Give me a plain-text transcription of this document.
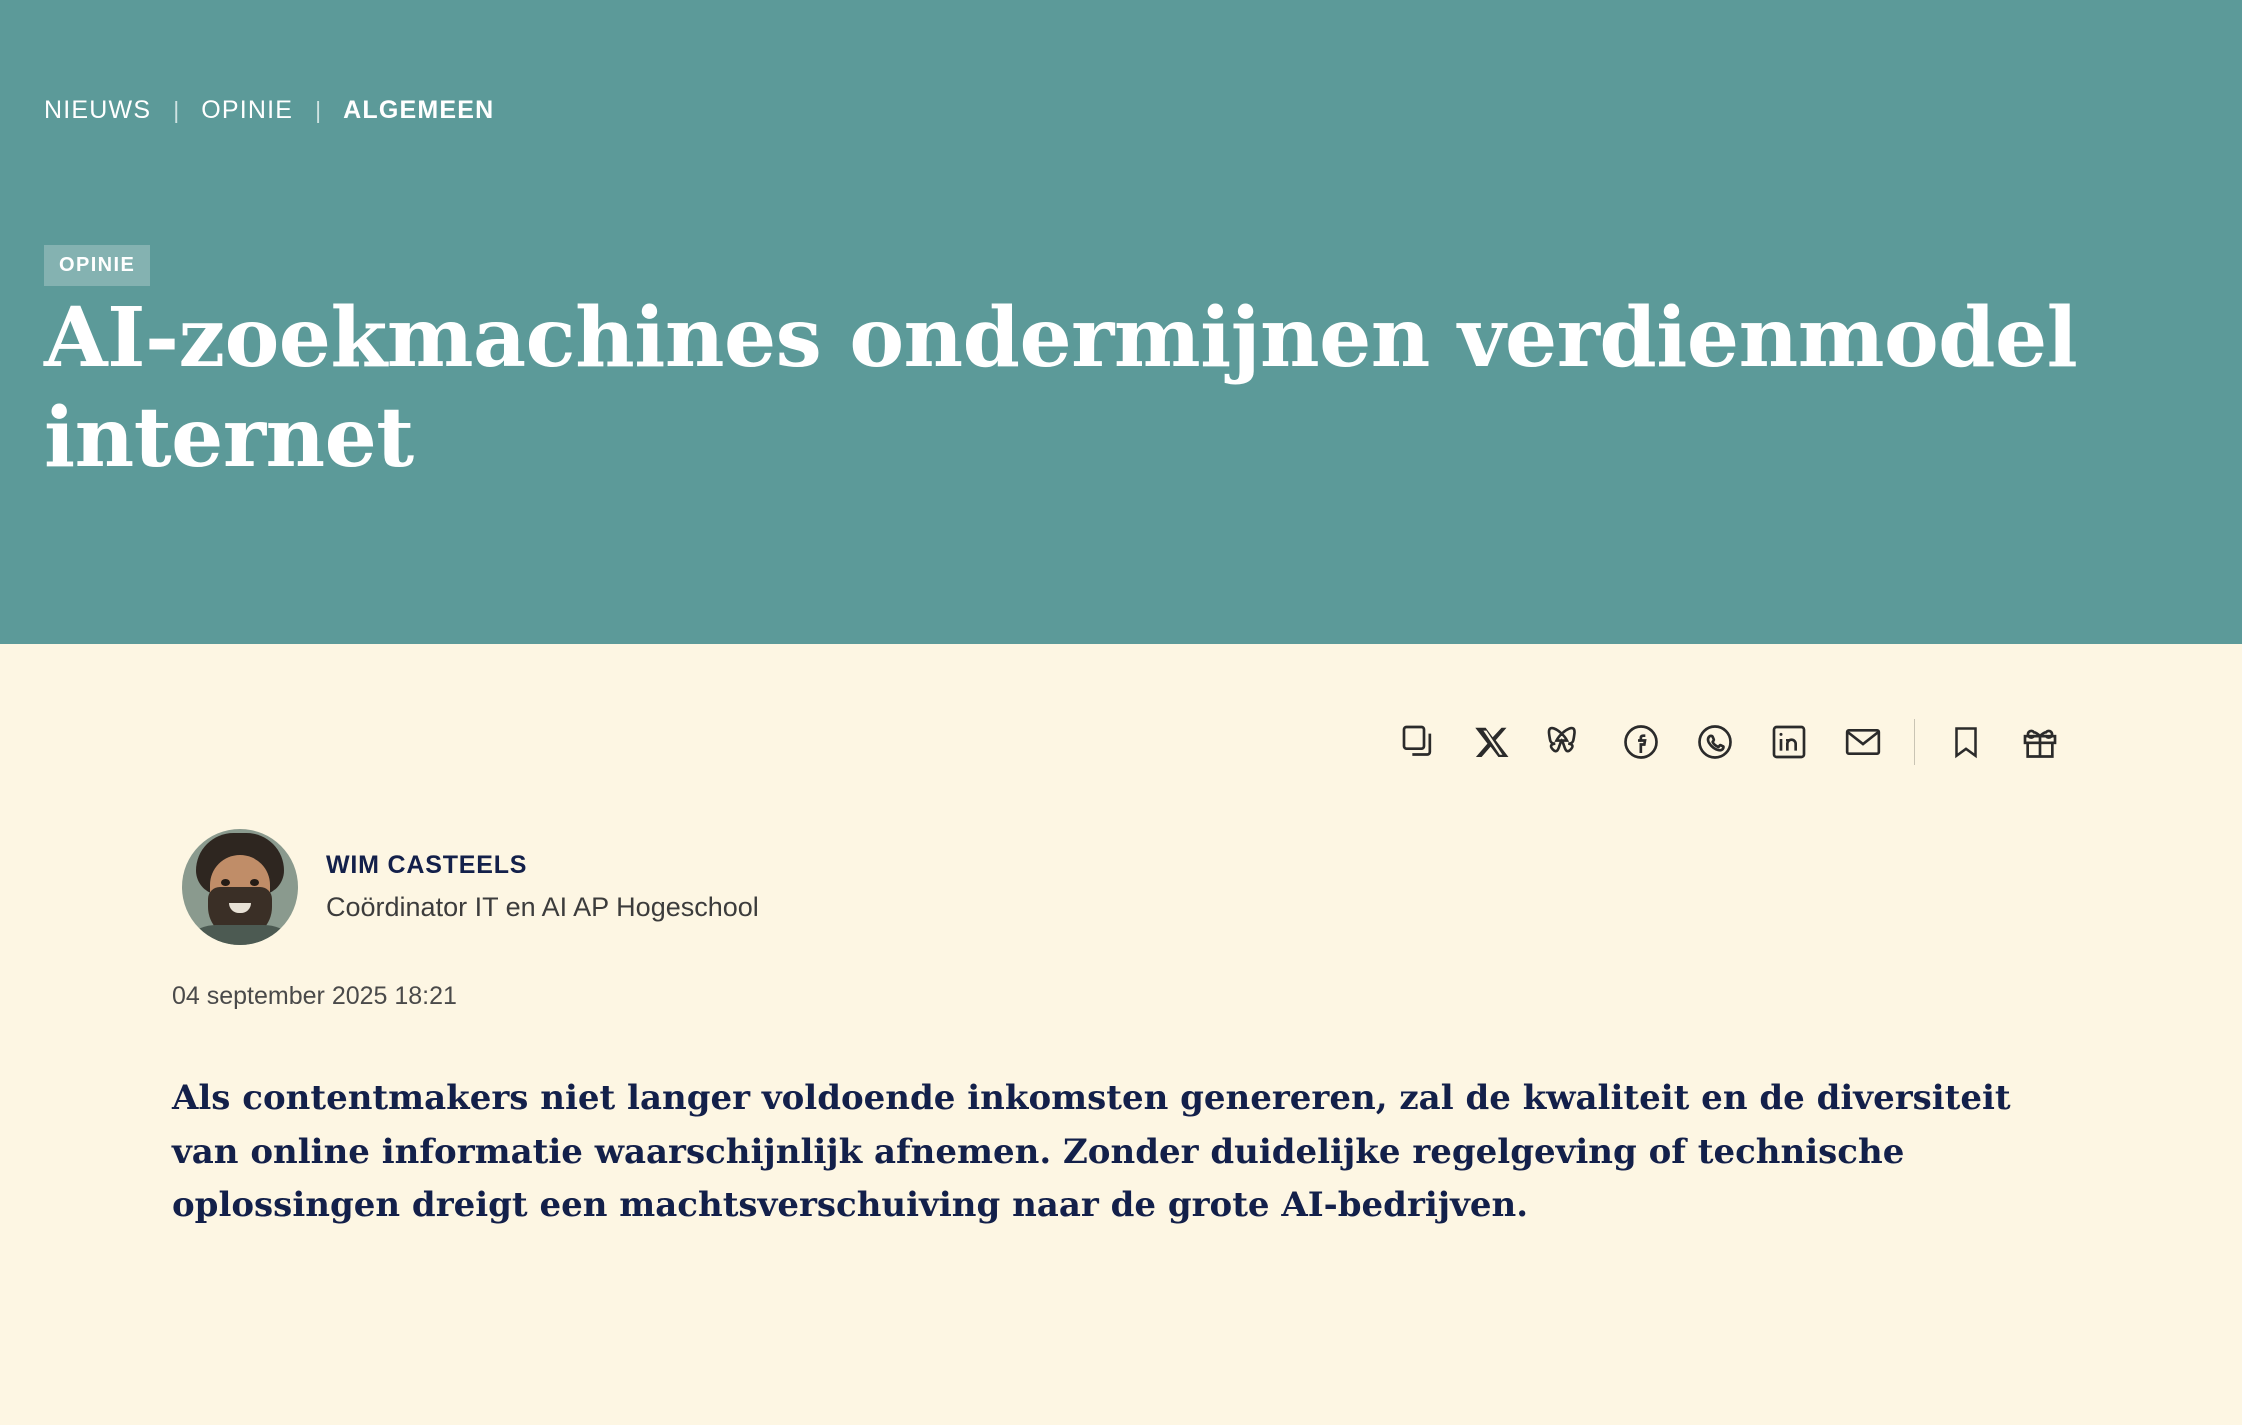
NIEUWS | OPINIE | ALGEMEEN
OPINIE
AI-zoekmachines ondermijnen verdienmodel internet
WIM CASTEELS
Coördinator IT en AI AP Hogeschool
04 september 2025 18:21

Als contentmakers niet langer voldoende inkomsten genereren, zal de kwaliteit en de diversiteit van online informatie waarschijnlijk afnemen. Zonder duidelijke regelgeving of technische oplossingen dreigt een machtsverschuiving naar de grote AI-bedrijven.
